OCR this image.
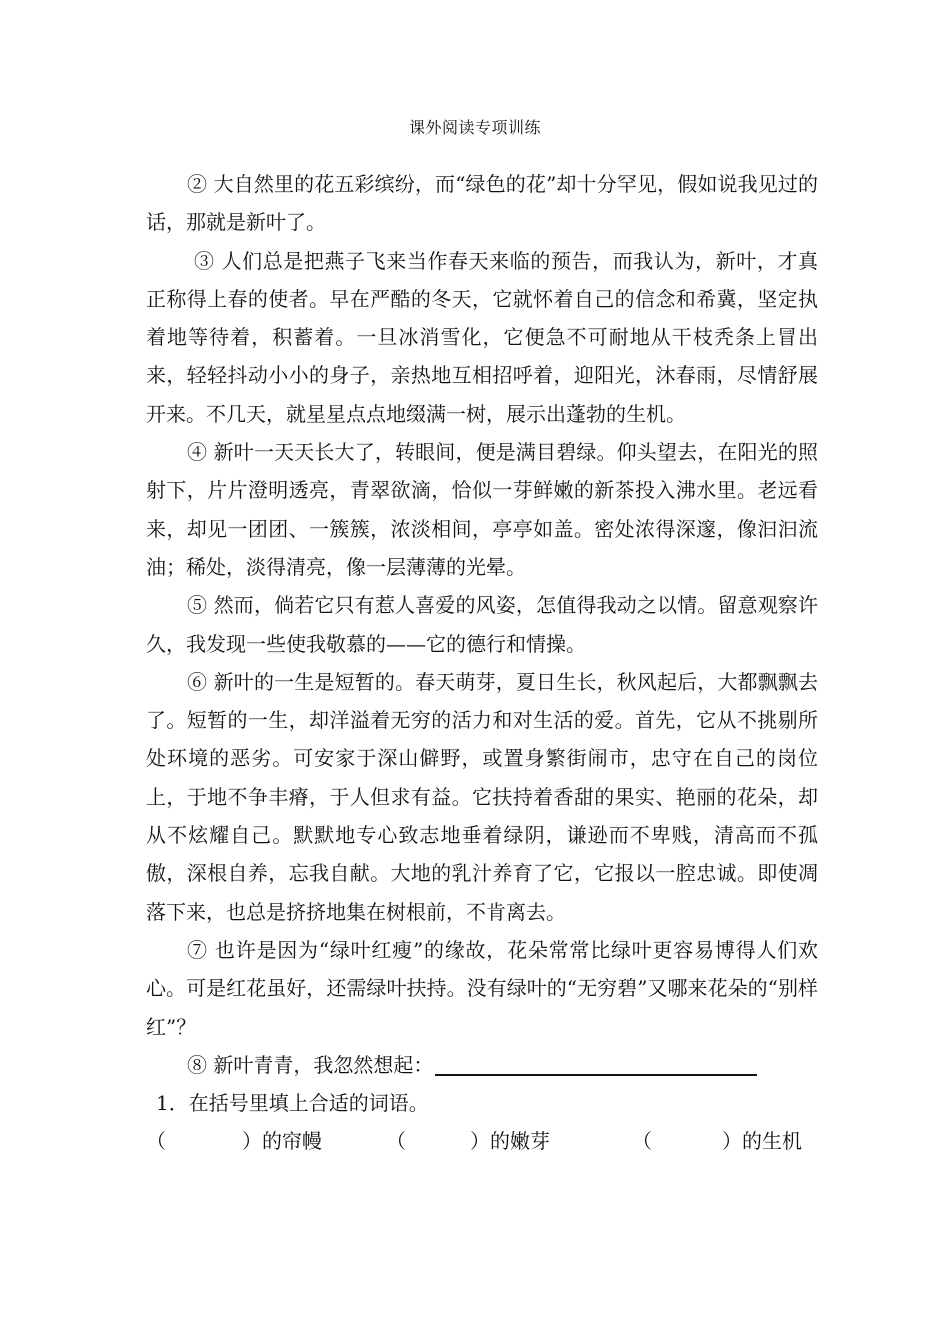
课外阅读专项训练

② 大自然里的花五彩缤纷，而“绿色的花”却十分罕见，假如说我见过的话，那就是新叶了。

③ 人们总是把燕子飞来当作春天来临的预告，而我认为，新叶，才真正称得上春的使者。早在严酷的冬天，它就怀着自己的信念和希冀，坚定执着地等待着，积蓄着。一旦冰消雪化，它便急不可耐地从干枝秃条上冒出来，轻轻抖动小小的身子，亲热地互相招呼着，迎阳光，沐春雨，尽情舒展开来。不几天，就星星点点地缀满一树，展示出蓬勃的生机。

④ 新叶一天天长大了，转眼间，便是满目碧绿。仰头望去，在阳光的照射下，片片澄明透亮，青翠欲滴，恰似一芽鲜嫩的新茶投入沸水里。老远看来，却见一团团、一簇簇，浓淡相间，亭亭如盖。密处浓得深邃，像汩汩流油；稀处，淡得清亮，像一层薄薄的光晕。

⑤ 然而，倘若它只有惹人喜爱的风姿，怎值得我动之以情。留意观察许久，我发现一些使我敬慕的——它的德行和情操。

⑥ 新叶的一生是短暂的。春天萌芽，夏日生长，秋风起后，大都飘飘去了。短暂的一生，却洋溢着无穷的活力和对生活的爱。首先，它从不挑剔所处环境的恶劣。可安家于深山僻野，或置身繁街闹市，忠守在自己的岗位上，于地不争丰瘠，于人但求有益。它扶持着香甜的果实、艳丽的花朵，却从不炫耀自己。默默地专心致志地垂着绿阴，谦逊而不卑贱，清高而不孤傲，深根自养，忘我自献。大地的乳汁养育了它，它报以一腔忠诚。即使凋落下来，也总是挤挤地集在树根前，不肯离去。

⑦ 也许是因为“绿叶红瘦”的缘故，花朵常常比绿叶更容易博得人们欢心。可是红花虽好，还需绿叶扶持。没有绿叶的“无穷碧”又哪来花朵的“别样红”？

⑧ 新叶青青，我忽然想起：

1．在括号里填上合适的词语。

（	）的帘幔	（	）的嫩芽	（	）的生机
